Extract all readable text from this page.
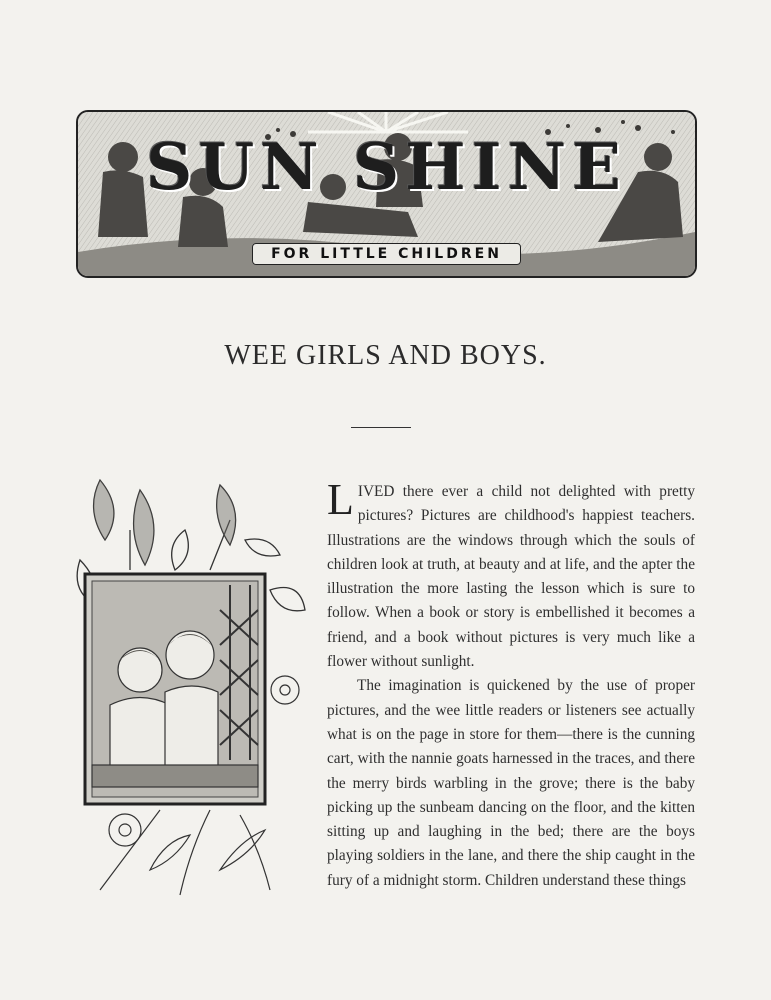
SUN SHINE
FOR LITTLE CHILDREN
WEE GIRLS AND BOYS.

LIVED there ever a child not delighted with pretty pictures? Pictures are childhood's happiest teachers. Illustrations are the windows through which the souls of children look at truth, at beauty and at life, and the apter the illustration the more lasting the lesson which is sure to follow. When a book or story is embellished it becomes a friend, and a book without pictures is very much like a flower without sunlight.

The imagination is quickened by the use of proper pictures, and the wee little readers or listeners see actually what is on the page in store for them—there is the cunning cart, with the nannie goats harnessed in the traces, and there the merry birds warbling in the grove; there is the baby picking up the sunbeam dancing on the floor, and the kitten sitting up and laughing in the bed; there are the boys playing soldiers in the lane, and there the ship caught in the fury of a midnight storm. Children understand these things
